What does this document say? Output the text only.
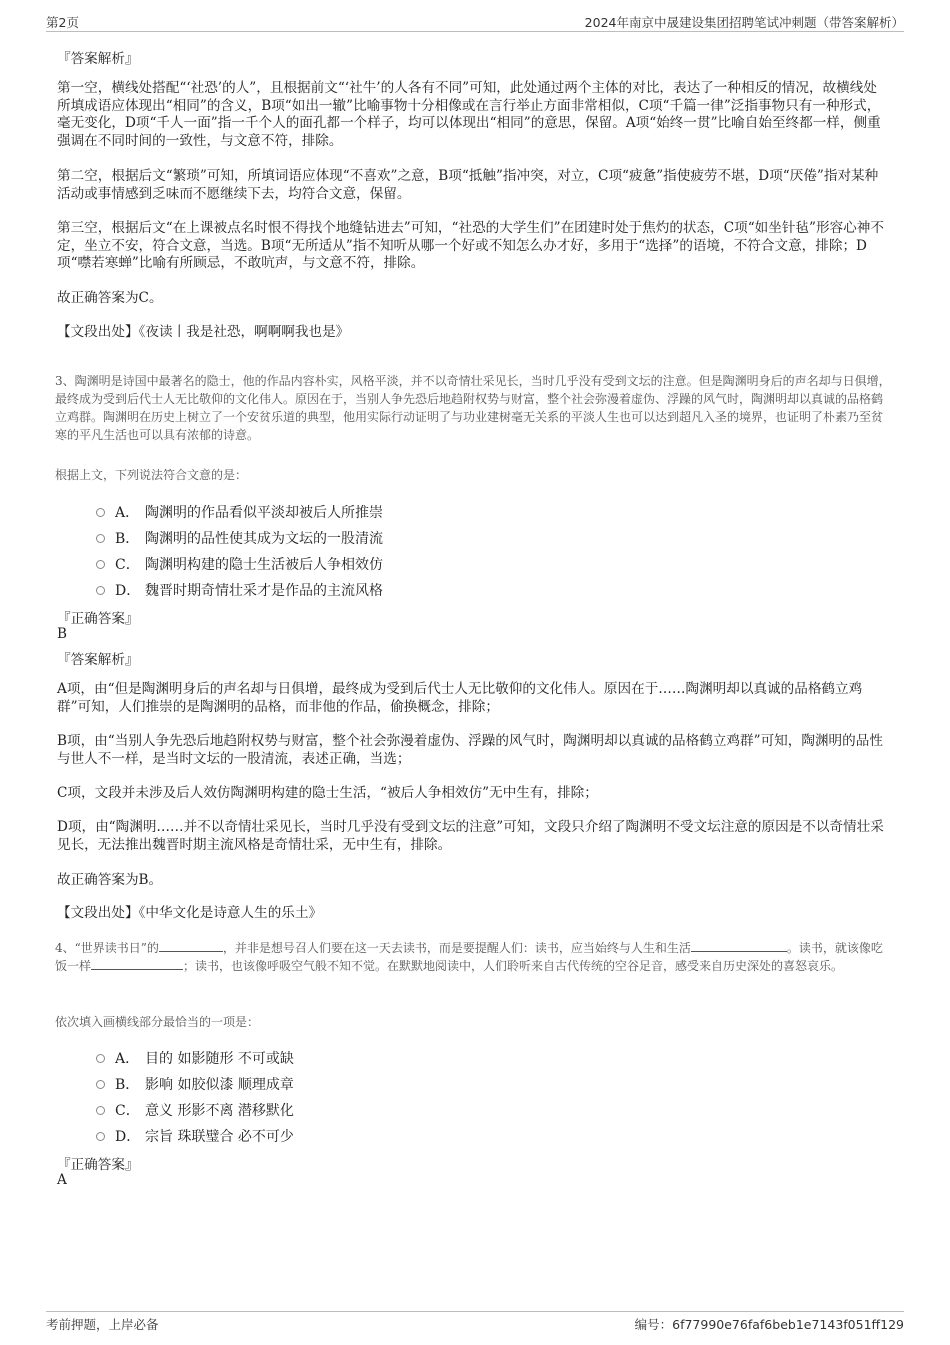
第2页	2024年南京中晟建设集团招聘笔试冲刺题（带答案解析）
『答案解析』
第一空，横线处搭配“‘社恐’的人”，且根据前文“‘社牛’的人各有不同”可知，此处通过两个主体的对比，表达了一种相反的情况，故横线处所填成语应体现出“相同”的含义，B项“如出一辙”比喻事物十分相像或在言行举止方面非常相似，C项“千篇一律”泛指事物只有一种形式，毫无变化，D项“千人一面”指一千个人的面孔都一个样子，均可以体现出“相同”的意思，保留。A项“始终一贯”比喻自始至终都一样，侧重强调在不同时间的一致性，与文意不符，排除。
第二空，根据后文“繁琐”可知，所填词语应体现“不喜欢”之意，B项“抵触”指冲突，对立，C项“疲惫”指使疲劳不堪，D项“厌倦”指对某种活动或事情感到乏味而不愿继续下去，均符合文意，保留。
第三空，根据后文“在上课被点名时恨不得找个地缝钻进去”可知，“社恐的大学生们”在团建时处于焦灼的状态，C项“如坐针毡”形容心神不定，坐立不安，符合文意，当选。B项“无所适从”指不知听从哪一个好或不知怎么办才好，多用于“选择”的语境，不符合文意，排除；D项“噤若寒蝉”比喻有所顾忌，不敢吭声，与文意不符，排除。
故正确答案为C。
【文段出处】《夜读丨我是社恐，啊啊啊我也是》
3、陶渊明是诗国中最著名的隐士，他的作品内容朴实，风格平淡，并不以奇情壮采见长，当时几乎没有受到文坛的注意。但是陶渊明身后的声名却与日俱增，最终成为受到后代士人无比敬仰的文化伟人。原因在于，当别人争先恐后地趋附权势与财富，整个社会弥漫着虚伪、浮躁的风气时，陶渊明却以真诚的品格鹤立鸡群。陶渊明在历史上树立了一个安贫乐道的典型，他用实际行动证明了与功业建树毫无关系的平淡人生也可以达到超凡入圣的境界，也证明了朴素乃至贫寒的平凡生活也可以具有浓郁的诗意。
根据上文，下列说法符合文意的是：
A． 陶渊明的作品看似平淡却被后人所推崇
B． 陶渊明的品性使其成为文坛的一股清流
C． 陶渊明构建的隐士生活被后人争相效仿
D． 魏晋时期奇情壮采才是作品的主流风格
『正确答案』
B
『答案解析』
A项，由“但是陶渊明身后的声名却与日俱增，最终成为受到后代士人无比敬仰的文化伟人。原因在于……陶渊明却以真诚的品格鹤立鸡群”可知，人们推崇的是陶渊明的品格，而非他的作品，偷换概念，排除；
B项，由“当别人争先恐后地趋附权势与财富，整个社会弥漫着虚伪、浮躁的风气时，陶渊明却以真诚的品格鹤立鸡群”可知，陶渊明的品性与世人不一样，是当时文坛的一股清流，表述正确，当选；
C项，文段并未涉及后人效仿陶渊明构建的隐士生活，“被后人争相效仿”无中生有，排除；
D项，由“陶渊明……并不以奇情壮采见长，当时几乎没有受到文坛的注意”可知，文段只介绍了陶渊明不受文坛注意的原因是不以奇情壮采见长，无法推出魏晋时期主流风格是奇情壮采，无中生有，排除。
故正确答案为B。
【文段出处】《中华文化是诗意人生的乐土》
4、“世界读书日”的	，并非是想号召人们要在这一天去读书，而是要提醒人们：读书，应当始终与人生和生活	。读书，就该像吃饭一样	；读书，也该像呼吸空气般不知不觉。在默默地阅读中，人们聆听来自古代传统的空谷足音，感受来自历史深处的喜怒哀乐。
依次填入画横线部分最恰当的一项是：
A． 目的 如影随形 不可或缺
B． 影响 如胶似漆 顺理成章
C． 意义 形影不离 潜移默化
D． 宗旨 珠联璧合 必不可少
『正确答案』
A
考前押题，上岸必备	编号：6f77990e76faf6beb1e7143f051ff129
